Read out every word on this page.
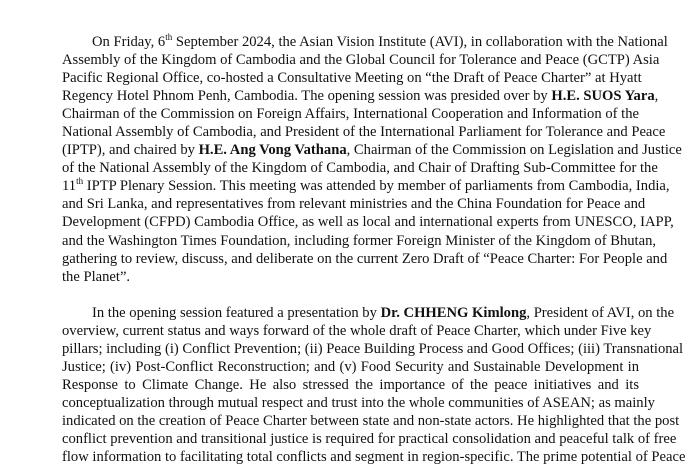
On Friday, 6th September 2024, the Asian Vision Institute (AVI), in collaboration with the National
Assembly of the Kingdom of Cambodia and the Global Council for Tolerance and Peace (GCTP) Asia
Pacific Regional Office, co-hosted a Consultative Meeting on “the Draft of Peace Charter” at Hyatt
Regency Hotel Phnom Penh, Cambodia. The opening session was presided over by H.E. SUOS Yara,
Chairman of the Commission on Foreign Affairs, International Cooperation and Information of the
National Assembly of Cambodia, and President of the International Parliament for Tolerance and Peace
(IPTP), and chaired by H.E. Ang Vong Vathana, Chairman of the Commission on Legislation and Justice
of the National Assembly of the Kingdom of Cambodia, and Chair of Drafting Sub-Committee for the
11th IPTP Plenary Session. This meeting was attended by member of parliaments from Cambodia, India,
and Sri Lanka, and representatives from relevant ministries and the China Foundation for Peace and
Development (CFPD) Cambodia Office, as well as local and international experts from UNESCO, IAPP,
and the Washington Times Foundation, including former Foreign Minister of the Kingdom of Bhutan,
gathering to review, discuss, and deliberate on the current Zero Draft of “Peace Charter: For People and
the Planet”.
In the opening session featured a presentation by Dr. CHHENG Kimlong, President of AVI, on the
overview, current status and ways forward of the whole draft of Peace Charter, which under Five key
pillars; including (i) Conflict Prevention; (ii) Peace Building Process and Good Offices; (iii) Transnational
Justice; (iv) Post-Conflict Reconstruction; and (v) Food Security and Sustainable Development in
Response to Climate Change. He also stressed the importance of the peace initiatives and its
conceptualization through mutual respect and trust into the whole communities of ASEAN; as mainly
indicated on the creation of Peace Charter between state and non-state actors. He highlighted that the post
conflict prevention and transitional justice is required for practical consolidation and peaceful talk of free
flow information to facilitating total conflicts and segment in region-specific. The prime potential of Peace
